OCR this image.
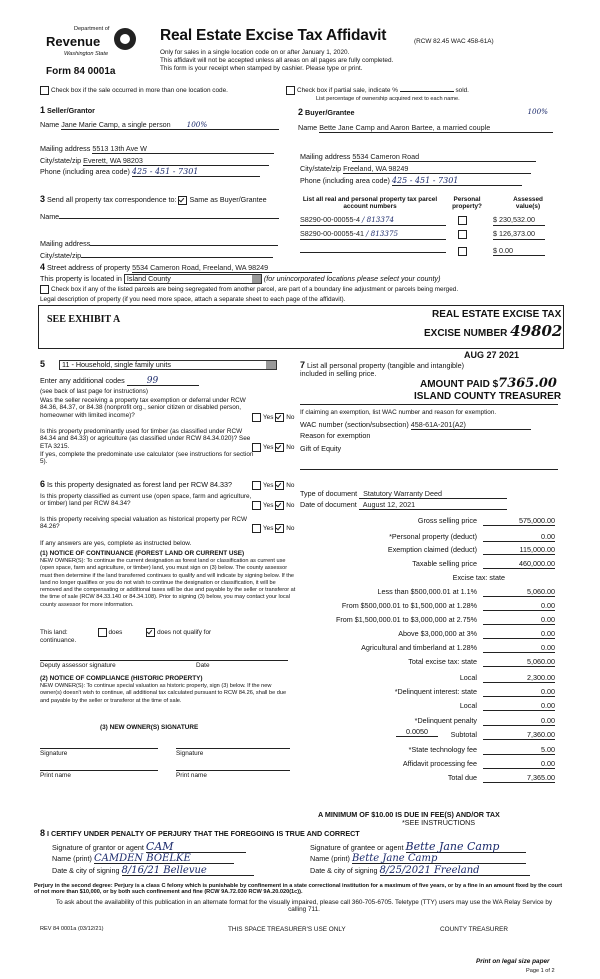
Department of
Revenue
Washington State
Form 84 0001a
Real Estate Excise Tax Affidavit	(RCW 82.45 WAC 458-61A)
Only for sales in a single location code on or after January 1, 2020.
This affidavit will not be accepted unless all areas on all pages are fully completed.
This form is your receipt when stamped by cashier. Please type or print.
Check box if the sale occurred in more than one location code.	Check box if partial sale, indicate %	sold.
List percentage of ownership acquired next to each name.
1 Seller/Grantor
Name Jane Marie Camp, a single person 100%
2 Buyer/Grantee	100%
Name Bette Jane Camp and Aaron Bartee, a married couple
Mailing address 5513 13th Ave W
City/state/zip Everett, WA 98203
Phone (including area code) 425 - 451 - 7301
Mailing address 5534 Cameron Road
City/state/zip Freeland, WA 98249
Phone (including area code) 425 - 451 - 7301
3 Send all property tax correspondence to: Same as Buyer/Grantee
Name
Mailing address
City/state/zip
List all real and personal property tax parcel account numbers
Personal property?
Assessed value(s)
S8290-00-00055-4 / 813374	$ 230,532.00
S8290-00-00055-41 / 813375	$ 126,373.00
$ 0.00
4 Street address of property 5534 Cameron Road, Freeland, WA 98249
This property is located in Island County	(for unincorporated locations please select your county)
Check box if any of the listed parcels are being segregated from another parcel, are part of a boundary line adjustment or parcels being merged.
Legal description of property (if you need more space, attach a separate sheet to each page of the affidavit).
SEE EXHIBIT A	REAL ESTATE EXCISE TAX
EXCISE NUMBER 49802
AUG 27 2021
5 11 - Household, single family units
Enter any additional codes 99
(see back of last page for instructions)
Was the seller receiving a property tax exemption or deferral under RCW 84.36, 84.37, or 84.38 (nonprofit org., senior citizen or disabled person, homeowner with limited income)?	Yes No
Is this property predominantly used for timber (as classified under RCW 84.34 and 84.33) or agriculture (as classified under RCW 84.34.020)? See ETA 3215.	Yes No
If yes, complete the predominate use calculator (see instructions for section 5).
7 List all personal property (tangible and intangible) included in selling price.
AMOUNT PAID $7365.00
ISLAND COUNTY TREASURER
If claiming an exemption, list WAC number and reason for exemption.
WAC number (section/subsection) 458-61A-201(A2)
Reason for exemption
Gift of Equity
6 Is this property designated as forest land per RCW 84.33?	Yes No
Is this property classified as current use (open space, farm and agriculture, or timber) land per RCW 84.34?	Yes No
Is this property receiving special valuation as historical property per RCW 84.26?	Yes No
If any answers are yes, complete as instructed below.
(1) NOTICE OF CONTINUANCE (FOREST LAND OR CURRENT USE)
NEW OWNER(S): To continue the current designation as forest land or classification as current use (open space, farm and agriculture, or timber) land, you must sign on (3) below. The county assessor must then determine if the land transferred continues to qualify and will indicate by signing below. If the land no longer qualifies or you do not wish to continue the designation or classification, it will be removed and the compensating or additional taxes will be due and payable by the seller or transferor at the time of sale (RCW 84.33.140 or 84.34.108). Prior to signing (3) below, you may contact your local county assessor for more information.
This land:	does	does not qualify for
continuance.
Deputy assessor signature	Date
(2) NOTICE OF COMPLIANCE (HISTORIC PROPERTY)
NEW OWNER(S): To continue special valuation as historic property, sign (3) below. If the new owner(s) doesn't wish to continue, all additional tax calculated pursuant to RCW 84.26, shall be due and payable by the seller or transferor at the time of sale.
(3) NEW OWNER(S) SIGNATURE
Signature	Signature
Print name	Print name
Type of document Statutory Warranty Deed
Date of document August 12, 2021
Gross selling price	575,000.00
*Personal property (deduct)	0.00
Exemption claimed (deduct)	115,000.00
Taxable selling price	460,000.00
Excise tax: state
Less than $500,000.01 at 1.1%	5,060.00
From $500,000.01 to $1,500,000 at 1.28%	0.00
From $1,500,000.01 to $3,000,000 at 2.75%	0.00
Above $3,000,000 at 3%	0.00
Agricultural and timberland at 1.28%	0.00
Total excise tax: state	5,060.00
Local	2,300.00
*Delinquent interest: state	0.00
Local	0.00
*Delinquent penalty	0.00
Subtotal	7,360.00
*State technology fee	5.00
Affidavit processing fee	0.00
Total due	7,365.00
0.0050
A MINIMUM OF $10.00 IS DUE IN FEE(S) AND/OR TAX
*SEE INSTRUCTIONS
8 I CERTIFY UNDER PENALTY OF PERJURY THAT THE FOREGOING IS TRUE AND CORRECT
Signature of grantor or agent CAM
Name (print) CAMDEN BOELKE
Date & city of signing 8/16/21 Bellevue
Signature of grantee or agent Bette Jane Camp
Name (print) Bette Jane Camp
Date & city of signing 8/25/2021 Freeland
Perjury in the second degree: Perjury is a class C felony which is punishable by confinement in a state correctional institution for a maximum of five years, or by a fine in an amount fixed by the court of not more than $10,000, or by both such confinement and fine (RCW 9A.72.030 RCW 9A.20.020(1c)).
To ask about the availability of this publication in an alternate format for the visually impaired, please call 360-705-6705. Teletype (TTY) users may use the WA Relay Service by calling 711.
REV 84 0001a (03/12/21)	THIS SPACE TREASURER'S USE ONLY	COUNTY TREASURER
Print on legal size paper
Page 1 of 2
